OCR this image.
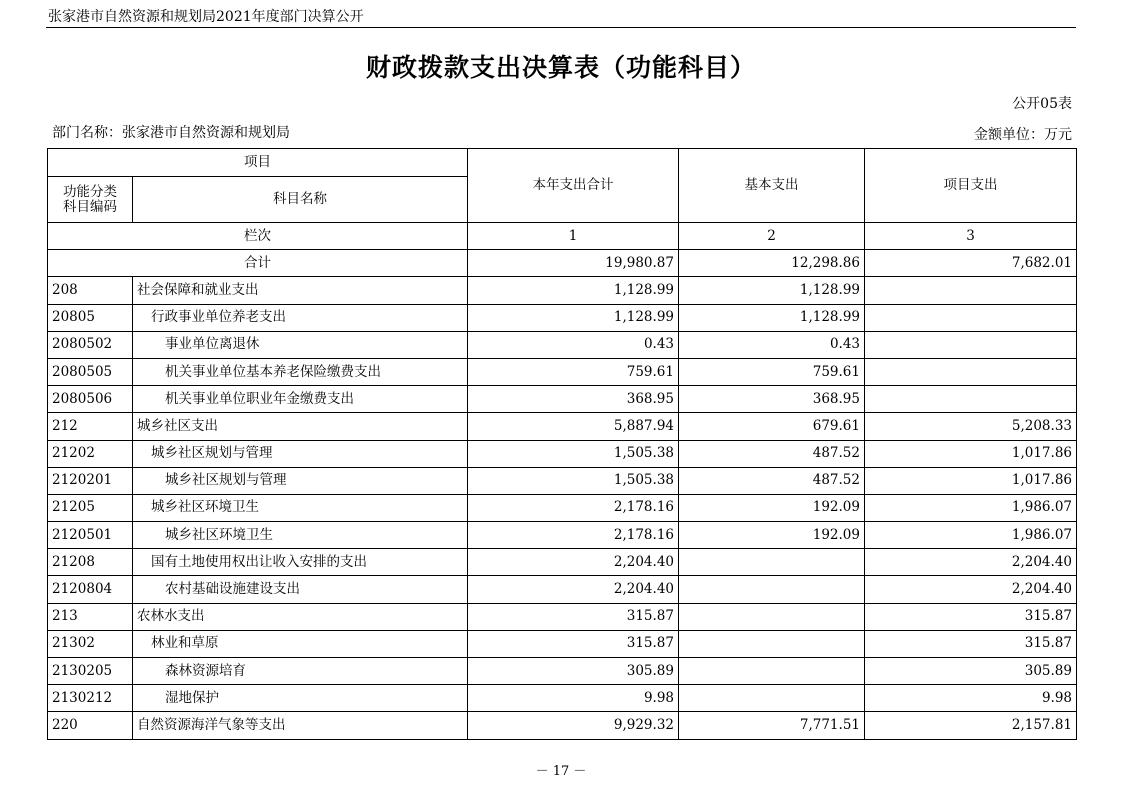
张家港市自然资源和规划局2021年度部门决算公开
财政拨款支出决算表（功能科目）
公开05表
部门名称：张家港市自然资源和规划局	金额单位：万元
项目		本年支出合计	基本支出	项目支出
功能分类
科目编码	科目名称			
栏次		1	2	3
合计		19,980.87	12,298.86	7,682.01
208	社会保障和就业支出	1,128.99	1,128.99	
20805	行政事业单位养老支出	1,128.99	1,128.99	
2080502	事业单位离退休	0.43	0.43	
2080505	机关事业单位基本养老保险缴费支出	759.61	759.61	
2080506	机关事业单位职业年金缴费支出	368.95	368.95	
212	城乡社区支出	5,887.94	679.61	5,208.33
21202	城乡社区规划与管理	1,505.38	487.52	1,017.86
2120201	城乡社区规划与管理	1,505.38	487.52	1,017.86
21205	城乡社区环境卫生	2,178.16	192.09	1,986.07
2120501	城乡社区环境卫生	2,178.16	192.09	1,986.07
21208	国有土地使用权出让收入安排的支出	2,204.40		2,204.40
2120804	农村基础设施建设支出	2,204.40		2,204.40
213	农林水支出	315.87		315.87
21302	林业和草原	315.87		315.87
2130205	森林资源培育	305.89		305.89
2130212	湿地保护	9.98		9.98
220	自然资源海洋气象等支出	9,929.32	7,771.51	2,157.81
－ 17 －
